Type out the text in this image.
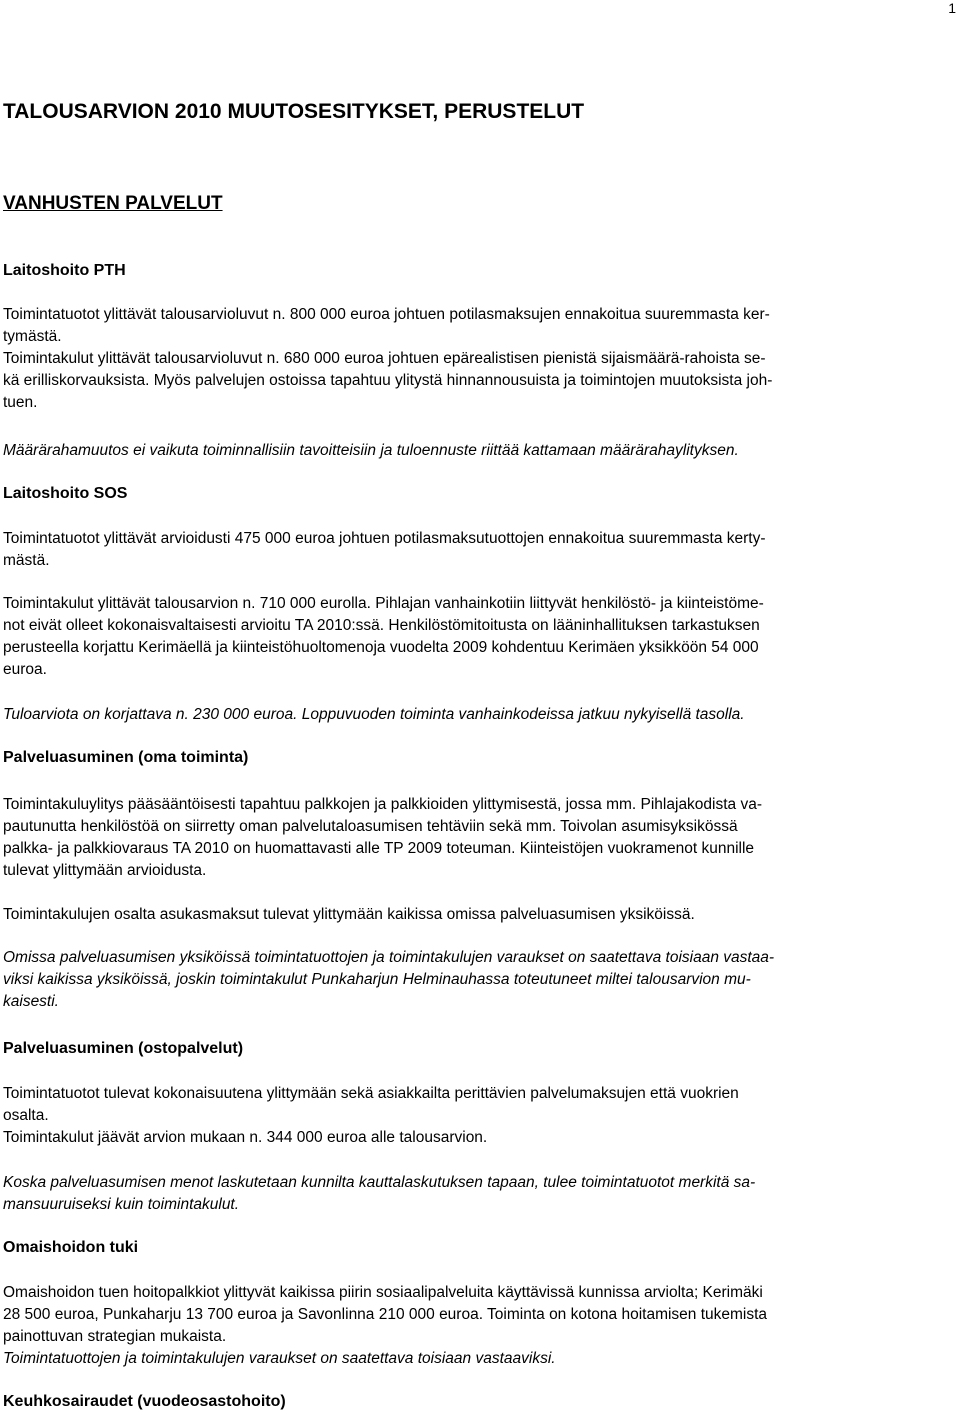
1
TALOUSARVION 2010 MUUTOSESITYKSET, PERUSTELUT
VANHUSTEN PALVELUT
Laitoshoito PTH
Toimintatuotot ylittävät talousarvioluvut n. 800 000 euroa johtuen potilasmaksujen ennakoitua suuremmasta ker-
tymästä.
Toimintakulut ylittävät talousarvioluvut n. 680 000 euroa johtuen epärealistisen pienistä sijaismäärä-rahoista se-
kä erilliskorvauksista. Myös palvelujen ostoissa tapahtuu ylitystä hinnannousuista ja toimintojen muutoksista joh-
tuen.
Määrärahamuutos ei vaikuta toiminnallisiin tavoitteisiin ja tuloennuste riittää kattamaan määrärahaylityksen.
Laitoshoito SOS
Toimintatuotot ylittävät arvioidusti 475 000 euroa johtuen potilasmaksutuottojen ennakoitua suuremmasta kerty-
mästä.
Toimintakulut ylittävät talousarvion n. 710 000 eurolla. Pihlajan vanhainkotiin liittyvät henkilöstö- ja kiinteistöme-
not eivät olleet kokonaisvaltaisesti arvioitu TA 2010:ssä. Henkilöstömitoitusta on lääninhallituksen tarkastuksen
perusteella korjattu Kerimäellä ja kiinteistöhuoltomenoja vuodelta 2009 kohdentuu Kerimäen yksikköön 54 000
euroa.
Tuloarviota on korjattava n. 230 000 euroa. Loppuvuoden toiminta vanhainkodeissa jatkuu nykyisellä tasolla.
Palveluasuminen (oma toiminta)
Toimintakuluylitys pääsääntöisesti tapahtuu palkkojen ja palkkioiden ylittymisestä, jossa mm. Pihlajakodista va-
pautunutta henkilöstöä on siirretty oman palvelutaloasumisen tehtäviin sekä mm. Toivolan asumisyksikössä
palkka- ja palkkiovaraus TA 2010 on huomattavasti alle TP 2009 toteuman. Kiinteistöjen vuokramenot kunnille
tulevat ylittymään arvioidusta.
Toimintakulujen osalta asukasmaksut tulevat ylittymään kaikissa omissa palveluasumisen yksiköissä.
Omissa palveluasumisen yksiköissä toimintatuottojen ja toimintakulujen varaukset on saatettava toisiaan vastaa-
viksi kaikissa yksiköissä, joskin toimintakulut Punkaharjun Helminauhassa toteutuneet miltei talousarvion mu-
kaisesti.
Palveluasuminen (ostopalvelut)
Toimintatuotot tulevat kokonaisuutena ylittymään sekä asiakkailta perittävien palvelumaksujen että vuokrien
osalta.
Toimintakulut jäävät arvion mukaan n. 344 000 euroa alle talousarvion.
Koska palveluasumisen menot laskutetaan kunnilta kauttalaskutuksen tapaan, tulee toimintatuotot merkitä sa-
mansuuruiseksi kuin toimintakulut.
Omaishoidon tuki
Omaishoidon tuen hoitopalkkiot ylittyvät kaikissa piirin sosiaalipalveluita käyttävissä kunnissa arviolta; Kerimäki
28 500 euroa, Punkaharju 13 700 euroa ja Savonlinna 210 000 euroa. Toiminta on kotona hoitamisen tukemista
painottuvan strategian mukaista.
Toimintatuottojen ja toimintakulujen varaukset on saatettava toisiaan vastaaviksi.
Keuhkosairaudet (vuodeosastohoito)
